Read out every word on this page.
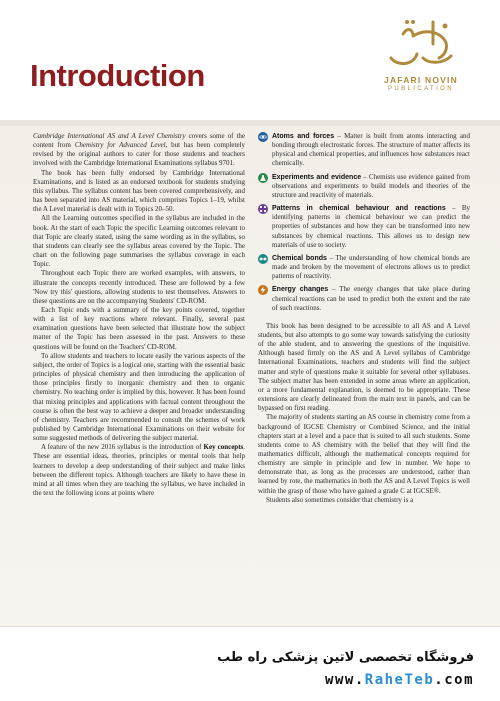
Introduction	JAFARI NOVIN
PUBLICATION

Cambridge International AS and A Level Chemistry covers some of the content from Chemistry for Advanced Level, but has been completely revised by the original authors to cater for those students and teachers involved with the Cambridge International Examinations syllabus 9701.

The book has been fully endorsed by Cambridge International Examinations, and is listed as an endorsed textbook for students studying this syllabus. The syllabus content has been covered comprehensively, and has been separated into AS material, which comprises Topics 1–19, whilst the A Level material is dealt with in Topics 20–50.

All the Learning outcomes specified in the syllabus are included in the book. At the start of each Topic the specific Learning outcomes relevant to that Topic are clearly stated, using the same wording as in the syllabus, so that students can clearly see the syllabus areas covered by the Topic. The chart on the following page summarises the syllabus coverage in each Topic.

Throughout each Topic there are worked examples, with answers, to illustrate the concepts recently introduced. These are followed by a few 'Now try this' questions, allowing students to test themselves. Answers to these questions are on the accompanying Students' CD-ROM.

Each Topic ends with a summary of the key points covered, together with a list of key reactions where relevant. Finally, several past examination questions have been selected that illustrate how the subject matter of the Topic has been assessed in the past. Answers to these questions will be found on the Teachers' CD-ROM.

To allow students and teachers to locate easily the various aspects of the subject, the order of Topics is a logical one, starting with the essential basic principles of physical chemistry and then introducing the application of those principles firstly to inorganic chemistry and then to organic chemistry. No teaching order is implied by this, however. It has been found that mixing principles and applications with factual content throughout the course is often the best way to achieve a deeper and broader understanding of chemistry. Teachers are recommended to consult the schemes of work published by Cambridge International Examinations on their website for some suggested methods of delivering the subject material.

A feature of the new 2016 syllabus is the introduction of Key concepts. These are essential ideas, theories, principles or mental tools that help learners to develop a deep understanding of their subject and make links between the different topics. Although teachers are likely to have these in mind at all times when they are teaching the syllabus, we have included in the text the following icons at points where

Atoms and forces – Matter is built from atoms interacting and bonding through electrostatic forces. The structure of matter affects its physical and chemical properties, and influences how substances react chemically.
Experiments and evidence – Chemists use evidence gained from observations and experiments to build models and theories of the structure and reactivity of materials.
Patterns in chemical behaviour and reactions – By identifying patterns in chemical behaviour we can predict the properties of substances and how they can be transformed into new substances by chemical reactions. This allows us to design new materials of use to society.
Chemical bonds – The understanding of how chemical bonds are made and broken by the movement of electrons allows us to predict patterns of reactivity.
Energy changes – The energy changes that take place during chemical reactions can be used to predict both the extent and the rate of such reactions.

This book has been designed to be accessible to all AS and A Level students, but also attempts to go some way towards satisfying the curiosity of the able student, and to answering the questions of the inquisitive. Although based firmly on the AS and A Level syllabus of Cambridge International Examinations, teachers and students will find the subject matter and style of questions make it suitable for several other syllabuses. The subject matter has been extended in some areas where an application, or a more fundamental explanation, is deemed to be appropriate. These extensions are clearly delineated from the main text in panels, and can be bypassed on first reading.

The majority of students starting an AS course in chemistry come from a background of IGCSE Chemistry or Combined Science, and the initial chapters start at a level and a pace that is suited to all such students. Some students come to AS chemistry with the belief that they will find the mathematics difficult, although the mathematical concepts required for chemistry are simple in principle and few in number. We hope to demonstrate that, as long as the processes are understood, rather than learned by rote, the mathematics in both the AS and A Level Topics is well within the grasp of those who have gained a grade C at IGCSE®.

Students also sometimes consider that chemistry is a

فروشگاه تخصصی لاتین پزشکی راه طب
www.RaheTeb.com
